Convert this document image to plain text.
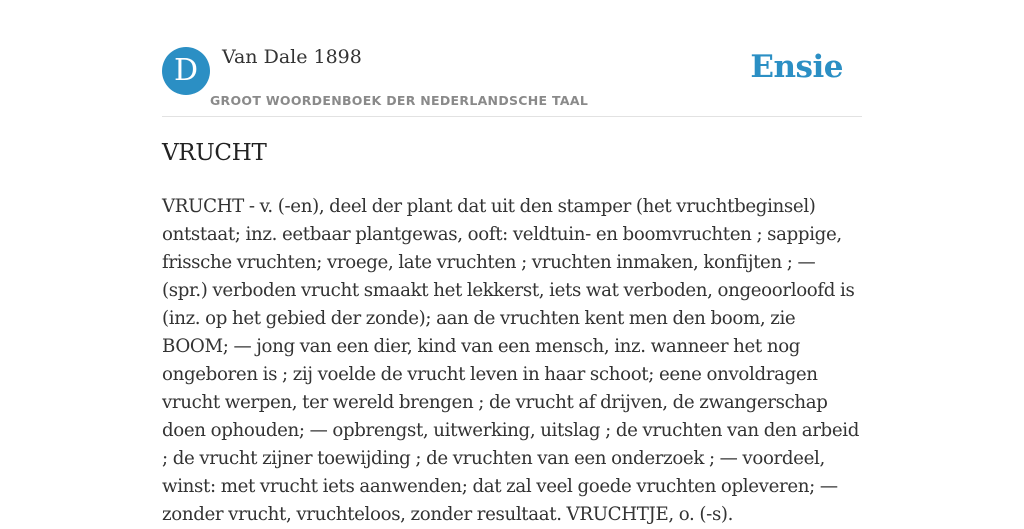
D	Van Dale 1898
GROOT WOORDENBOEK DER NEDERLANDSCHE TAAL
Ensie
VRUCHT

VRUCHT - v. (-en), deel der plant dat uit den stamper (het vruchtbeginsel) ontstaat; inz. eetbaar plantgewas, ooft: veldtuin- en boomvruchten ; sappige, frissche vruchten; vroege, late vruchten ; vruchten inmaken, konfijten ; — (spr.) verboden vrucht smaakt het lekkerst, iets wat verboden, ongeoorloofd is (inz. op het gebied der zonde); aan de vruchten kent men den boom, zie BOOM; — jong van een dier, kind van een mensch, inz. wanneer het nog ongeboren is ; zij voelde de vrucht leven in haar schoot; eene onvoldragen vrucht werpen, ter wereld brengen ; de vrucht af drijven, de zwangerschap doen ophouden; — opbrengst, uitwerking, uitslag ; de vruchten van den arbeid ; de vrucht zijner toewijding ; de vruchten van een onderzoek ; — voordeel, winst: met vrucht iets aanwenden; dat zal veel goede vruchten opleveren; — zonder vrucht, vruchteloos, zonder resultaat. VRUCHTJE, o. (-s).
